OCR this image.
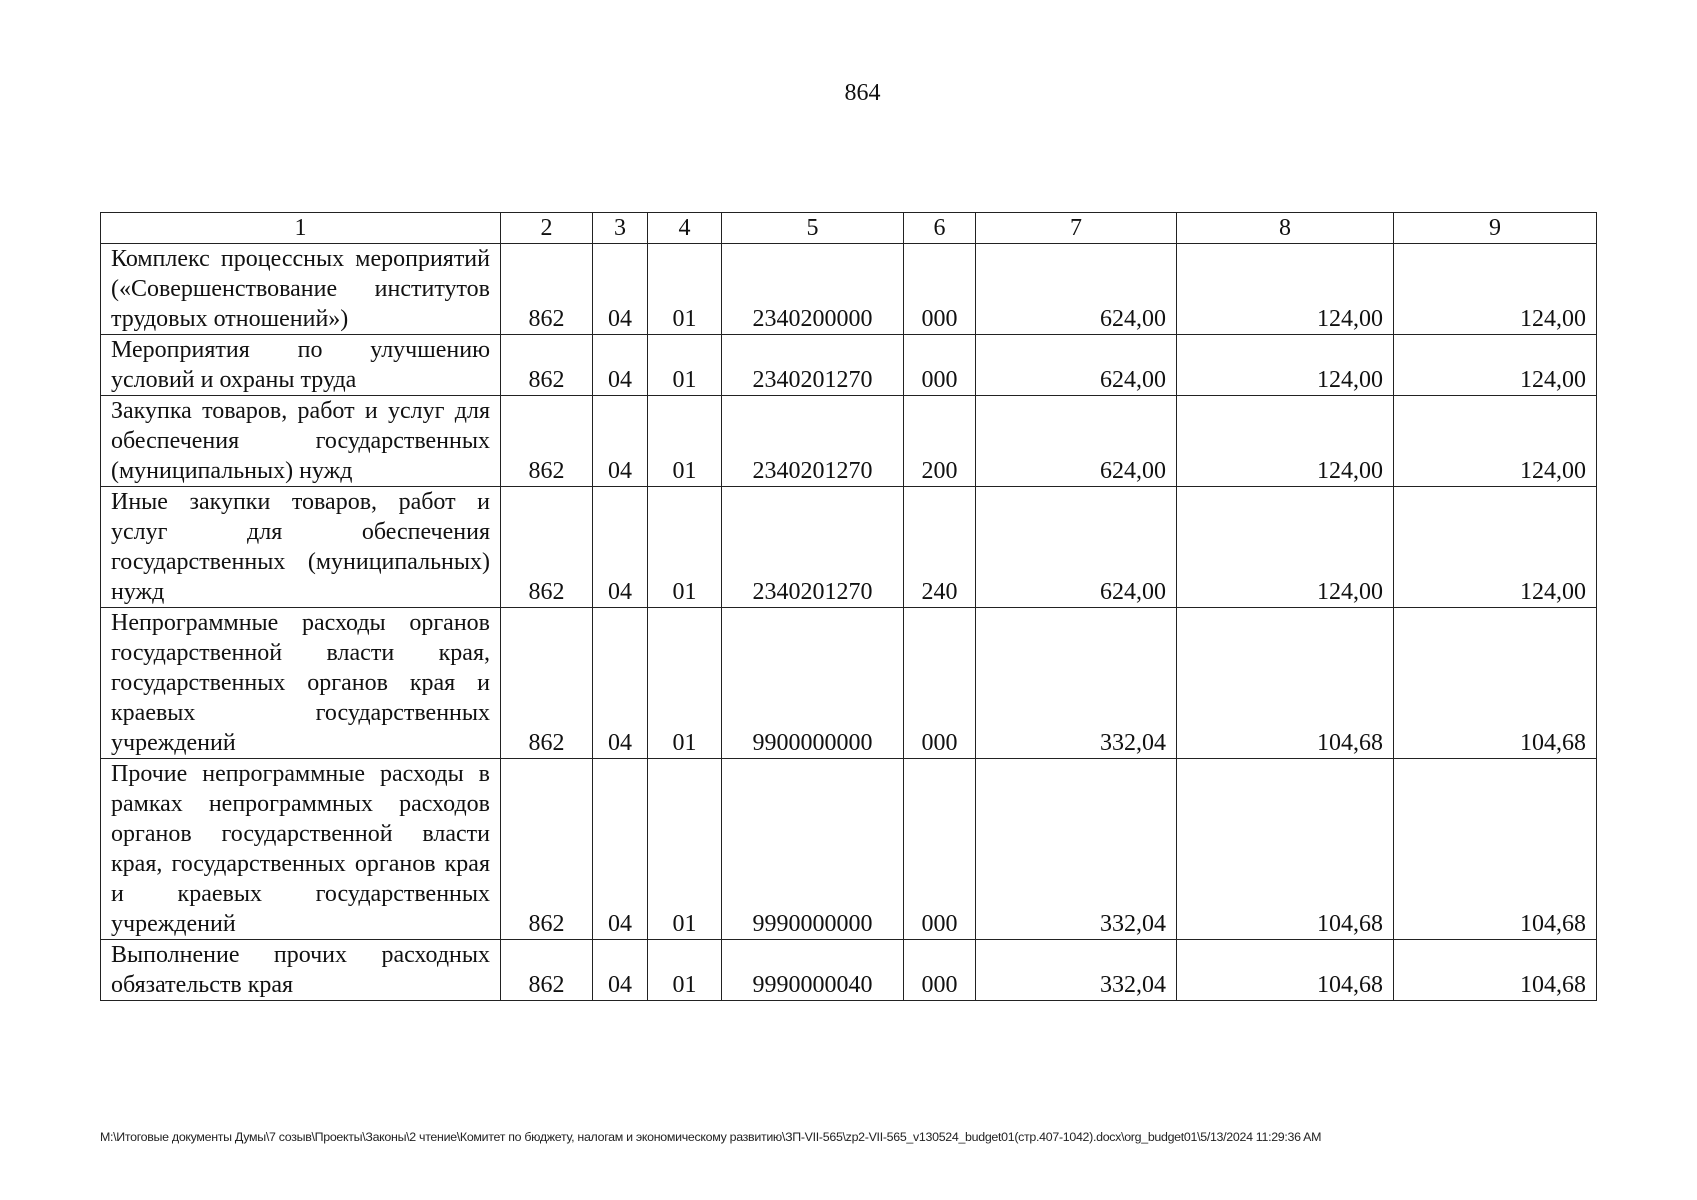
864
1	2	3	4	5	6	7	8	9
Комплекс процессных мероприятий («Совершенствование институтов трудовых отношений»)	862	04	01	2340200000	000	624,00	124,00	124,00
Мероприятия по улучшению условий и охраны труда	862	04	01	2340201270	000	624,00	124,00	124,00
Закупка товаров, работ и услуг для обеспечения государственных (муниципальных) нужд	862	04	01	2340201270	200	624,00	124,00	124,00
Иные закупки товаров, работ и услуг для обеспечения государственных (муниципальных) нужд	862	04	01	2340201270	240	624,00	124,00	124,00
Непрограммные расходы органов государственной власти края, государственных органов края и краевых государственных учреждений	862	04	01	9900000000	000	332,04	104,68	104,68
Прочие непрограммные расходы в рамках непрограммных расходов органов государственной власти края, государственных органов края и краевых государственных учреждений	862	04	01	9990000000	000	332,04	104,68	104,68
Выполнение прочих расходных обязательств края	862	04	01	9990000040	000	332,04	104,68	104,68
M:\Итоговые документы Думы\7 созыв\Проекты\Законы\2 чтение\Комитет по бюджету, налогам и экономическому развитию\ЗП-VII-565\zp2-VII-565_v130524_budget01(стр.407-1042).docx\org_budget01\5/13/2024 11:29:36 AM
